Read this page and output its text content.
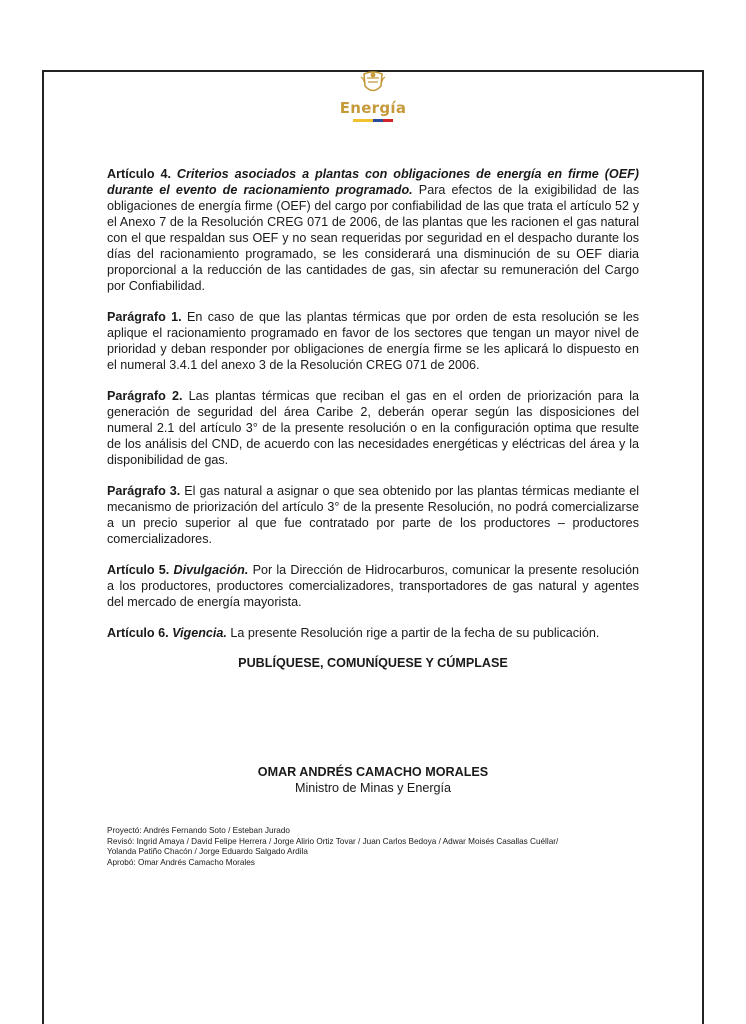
Energía

Artículo 4. Criterios asociados a plantas con obligaciones de energía en firme (OEF) durante el evento de racionamiento programado. Para efectos de la exigibilidad de las obligaciones de energía firme (OEF) del cargo por confiabilidad de las que trata el artículo 52 y el Anexo 7 de la Resolución CREG 071 de 2006, de las plantas que les racionen el gas natural con el que respaldan sus OEF y no sean requeridas por seguridad en el despacho durante los días del racionamiento programado, se les considerará una disminución de su OEF diaria proporcional a la reducción de las cantidades de gas, sin afectar su remuneración del Cargo por Confiabilidad.

Parágrafo 1. En caso de que las plantas térmicas que por orden de esta resolución se les aplique el racionamiento programado en favor de los sectores que tengan un mayor nivel de prioridad y deban responder por obligaciones de energía firme se les aplicará lo dispuesto en el numeral 3.4.1 del anexo 3 de la Resolución CREG 071 de 2006.

Parágrafo 2. Las plantas térmicas que reciban el gas en el orden de priorización para la generación de seguridad del área Caribe 2, deberán operar según las disposiciones del numeral 2.1 del artículo 3° de la presente resolución o en la configuración optima que resulte de los análisis del CND, de acuerdo con las necesidades energéticas y eléctricas del área y la disponibilidad de gas.

Parágrafo 3. El gas natural a asignar o que sea obtenido por las plantas térmicas mediante el mecanismo de priorización del artículo 3° de la presente Resolución, no podrá comercializarse a un precio superior al que fue contratado por parte de los productores – productores comercializadores.

Artículo 5. Divulgación. Por la Dirección de Hidrocarburos, comunicar la presente resolución a los productores, productores comercializadores, transportadores de gas natural y agentes del mercado de energía mayorista.

Artículo 6. Vigencia. La presente Resolución rige a partir de la fecha de su publicación.

PUBLÍQUESE, COMUNÍQUESE Y CÚMPLASE
OMAR ANDRÉS CAMACHO MORALES
Ministro de Minas y Energía
Proyectó: Andrés Fernando Soto / Esteban Jurado
Revisó: Ingrid Amaya / David Felipe Herrera / Jorge Alirio Ortiz Tovar / Juan Carlos Bedoya / Adwar Moisés Casallas Cuéllar/
Yolanda Patiño Chacón / Jorge Eduardo Salgado Ardila
Aprobó: Omar Andrés Camacho Morales
